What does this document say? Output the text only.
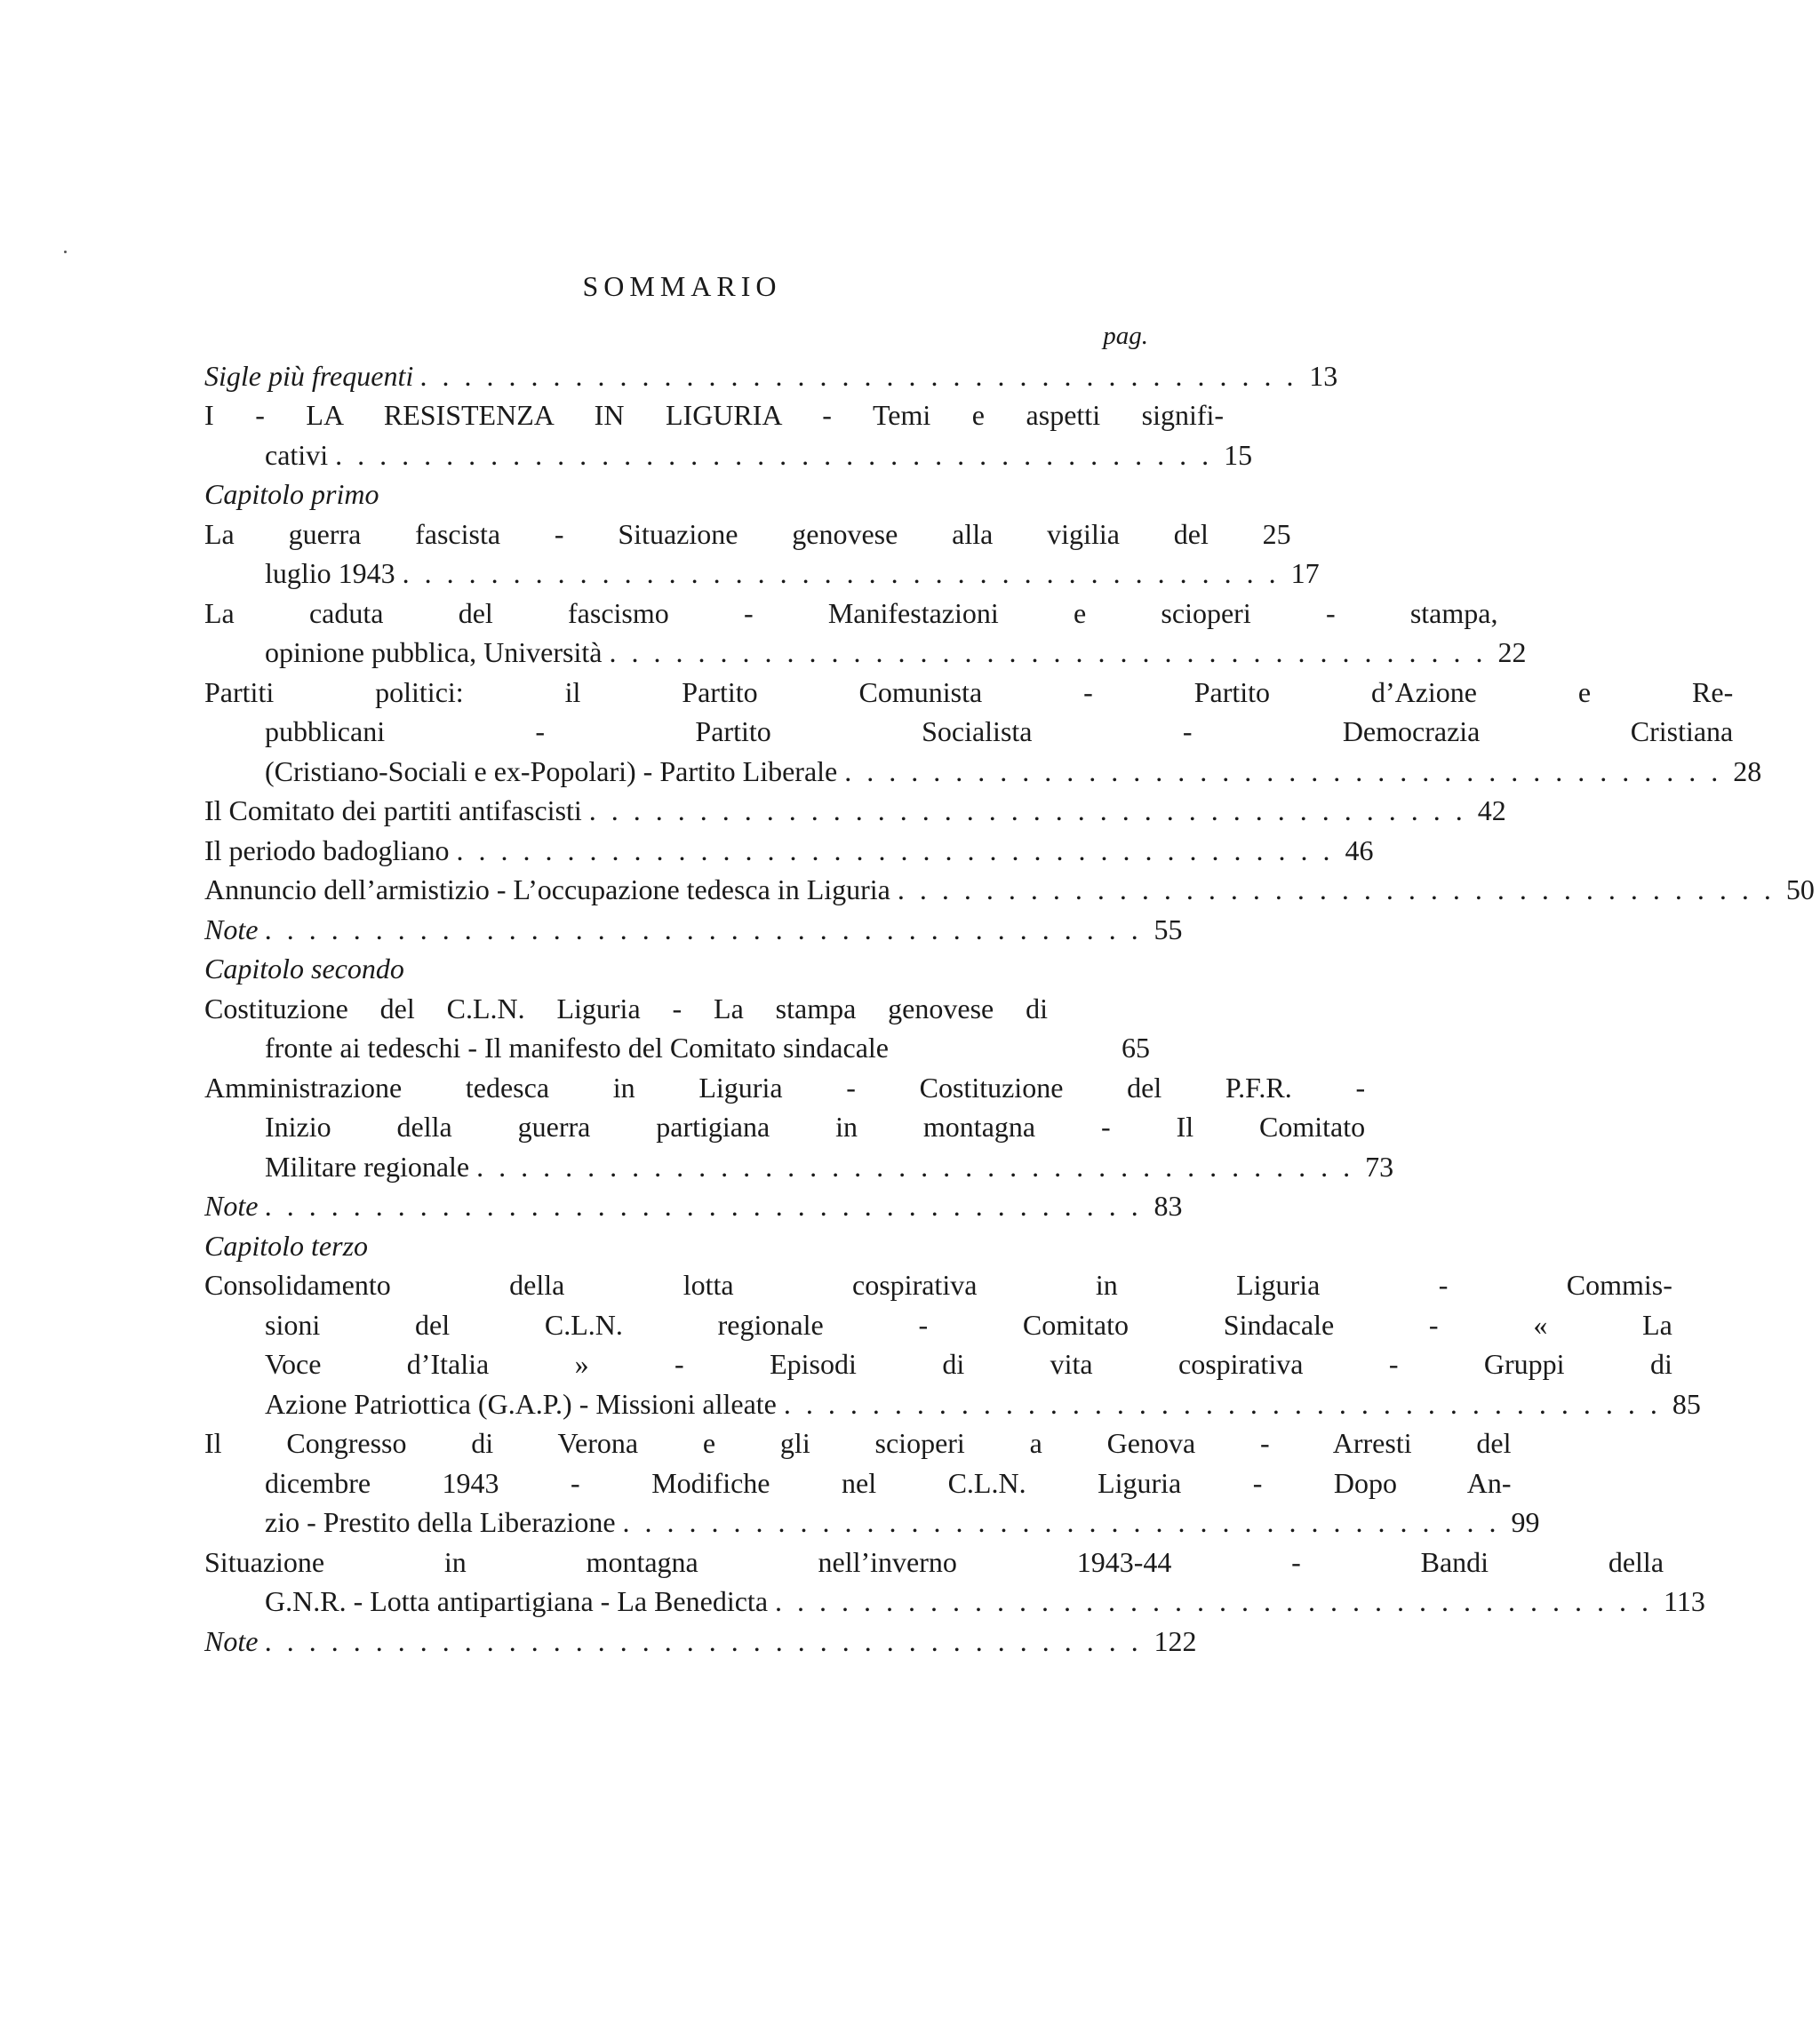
SOMMARIO
pag.
Sigle più frequenti ........................................ 13
I - LA RESISTENZA IN LIGURIA - Temi e aspetti signifi-
cativi ........................................ 15
Capitolo primo
La guerra fascista - Situazione genovese alla vigilia del 25
luglio 1943 ........................................ 17
La caduta del fascismo - Manifestazioni e scioperi - stampa,
opinione pubblica, Università ........................................ 22
Partiti politici: il Partito Comunista - Partito d’Azione e Re-
pubblicani - Partito Socialista - Democrazia Cristiana
(Cristiano-Sociali e ex-Popolari) - Partito Liberale ........................................ 28
Il Comitato dei partiti antifascisti ........................................ 42
Il periodo badogliano ........................................ 46
Annuncio dell’armistizio - L’occupazione tedesca in Liguria ........................................ 50
Note ........................................ 55
Capitolo secondo
Costituzione del C.L.N. Liguria - La stampa genovese di
fronte ai tedeschi - Il manifesto del Comitato sindacale	65
Amministrazione tedesca in Liguria - Costituzione del P.F.R. -
Inizio della guerra partigiana in montagna - Il Comitato
Militare regionale ........................................ 73
Note ........................................ 83
Capitolo terzo
Consolidamento della lotta cospirativa in Liguria - Commis-
sioni del C.L.N. regionale - Comitato Sindacale - « La
Voce d’Italia » - Episodi di vita cospirativa - Gruppi di
Azione Patriottica (G.A.P.) - Missioni alleate ........................................ 85
Il Congresso di Verona e gli scioperi a Genova - Arresti del
dicembre 1943 - Modifiche nel C.L.N. Liguria - Dopo An-
zio - Prestito della Liberazione ........................................ 99
Situazione in montagna nell’inverno 1943-44 - Bandi della
G.N.R. - Lotta antipartigiana - La Benedicta ........................................ 113
Note ........................................ 122
